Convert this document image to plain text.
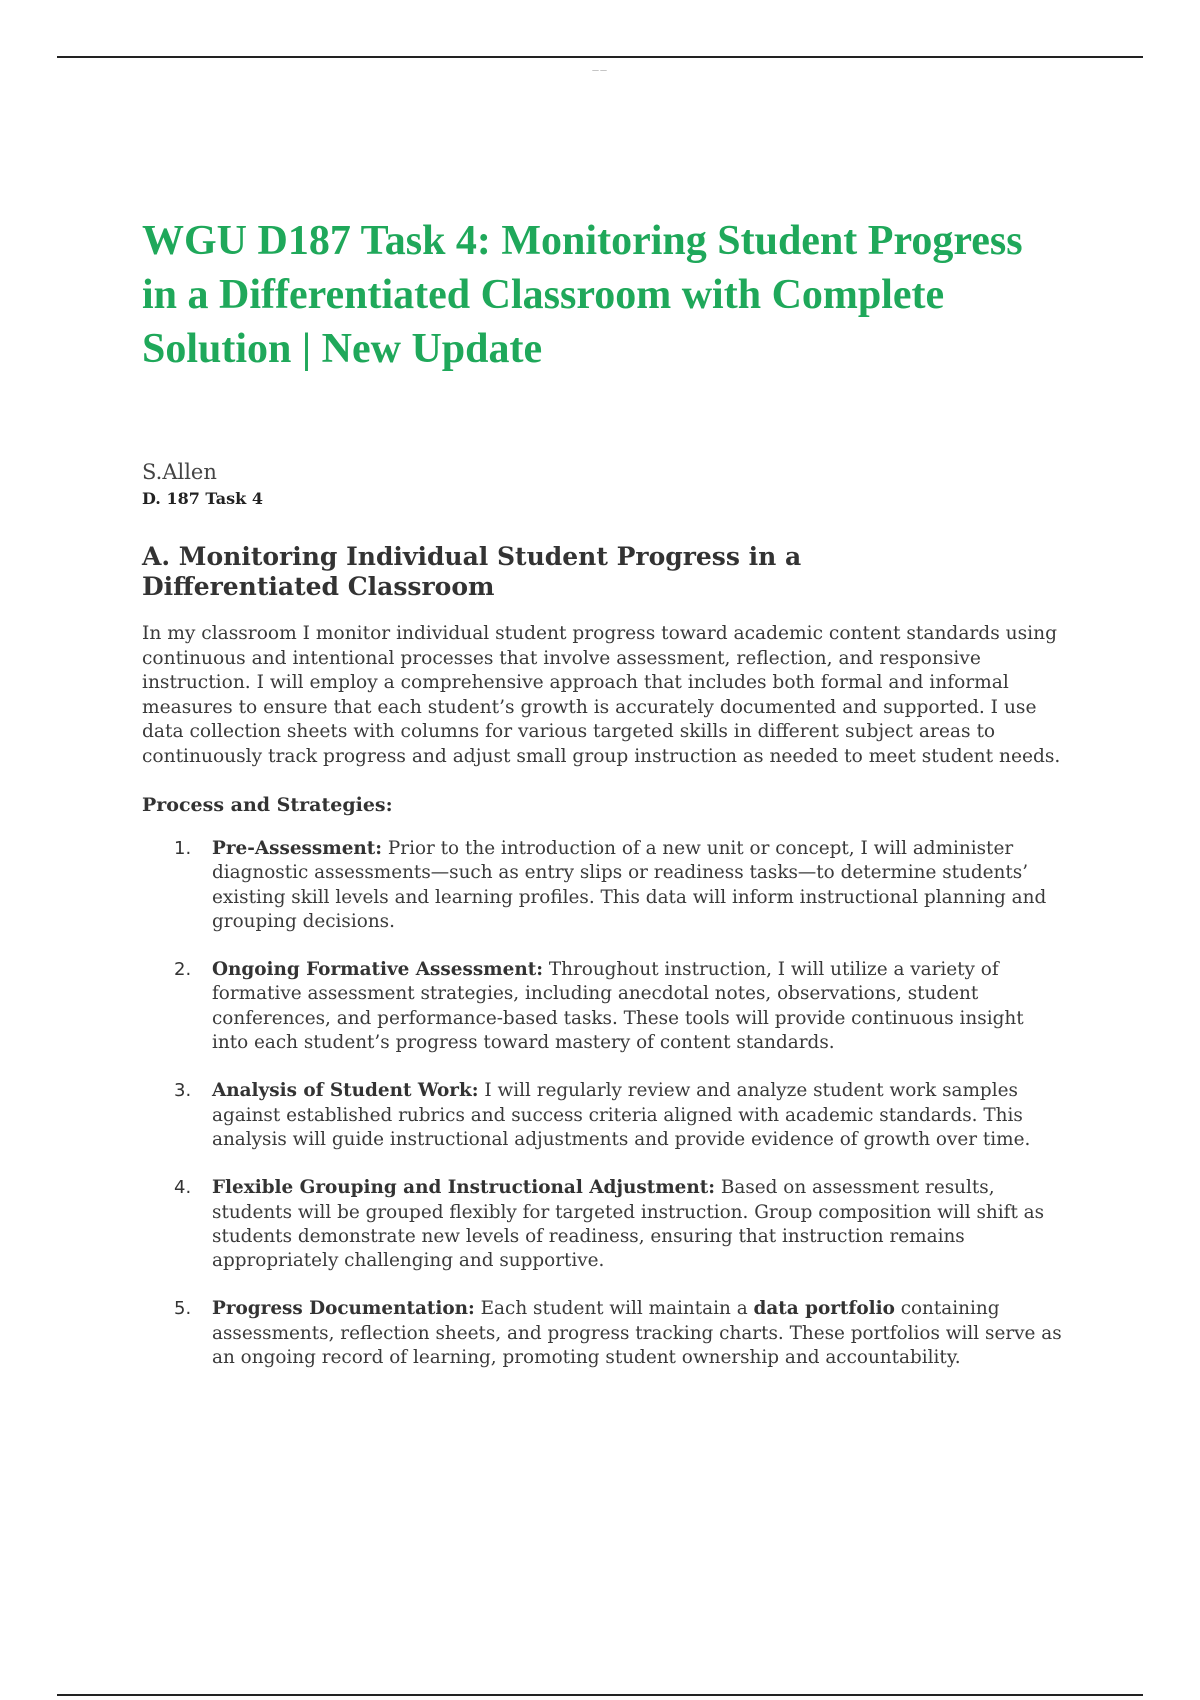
——
WGU D187 Task 4: Monitoring Student Progress in a Differentiated Classroom with Complete Solution | New Update
S.Allen
D. 187 Task 4
A. Monitoring Individual Student Progress in a Differentiated Classroom

In my classroom I monitor individual student progress toward academic content standards using continuous and intentional processes that involve assessment, reflection, and responsive instruction. I will employ a comprehensive approach that includes both formal and informal measures to ensure that each student’s growth is accurately documented and supported. I use data collection sheets with columns for various targeted skills in different subject areas to continuously track progress and adjust small group instruction as needed to meet student needs.

Process and Strategies:
1. Pre-Assessment: Prior to the introduction of a new unit or concept, I will administer diagnostic assessments—such as entry slips or readiness tasks—to determine students’ existing skill levels and learning profiles. This data will inform instructional planning and grouping decisions.
2. Ongoing Formative Assessment: Throughout instruction, I will utilize a variety of formative assessment strategies, including anecdotal notes, observations, student conferences, and performance-based tasks. These tools will provide continuous insight into each student’s progress toward mastery of content standards.
3. Analysis of Student Work: I will regularly review and analyze student work samples against established rubrics and success criteria aligned with academic standards. This analysis will guide instructional adjustments and provide evidence of growth over time.
4. Flexible Grouping and Instructional Adjustment: Based on assessment results, students will be grouped flexibly for targeted instruction. Group composition will shift as students demonstrate new levels of readiness, ensuring that instruction remains appropriately challenging and supportive.
5. Progress Documentation: Each student will maintain a data portfolio containing assessments, reflection sheets, and progress tracking charts. These portfolios will serve as an ongoing record of learning, promoting student ownership and accountability.
